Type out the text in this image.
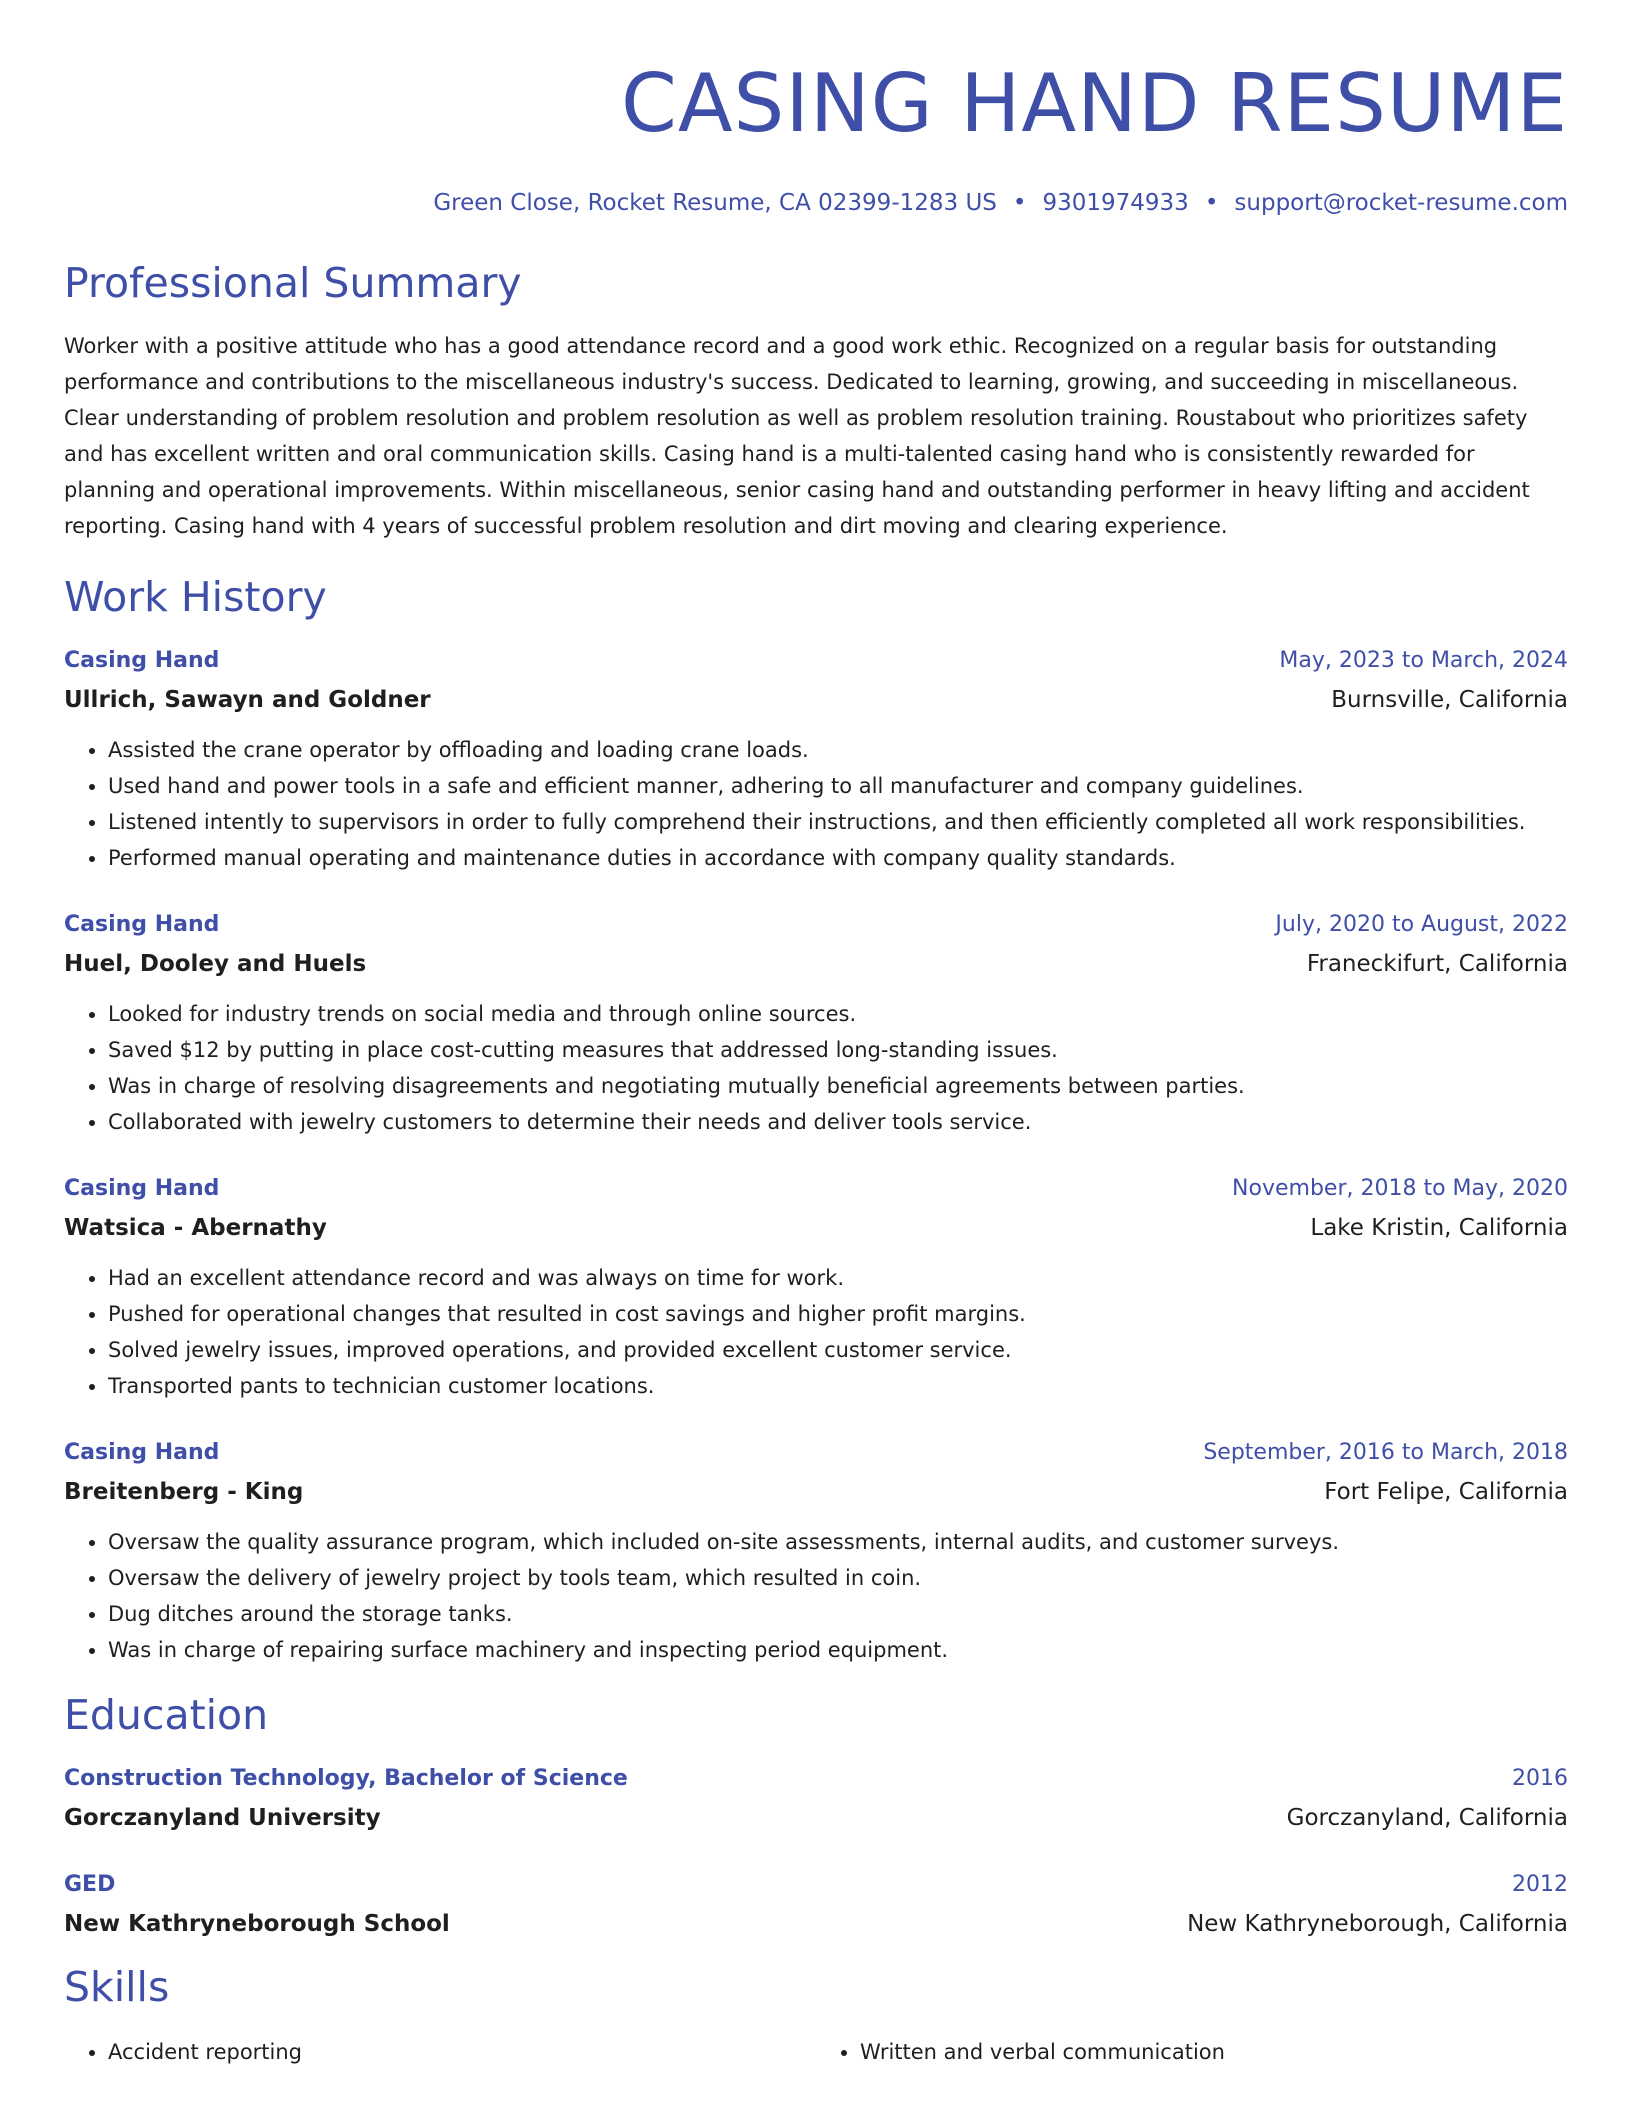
CASING HAND RESUME
Green Close, Rocket Resume, CA 02399-1283 US • 9301974933 • support@rocket-resume.com
Professional Summary

Worker with a positive attitude who has a good attendance record and a good work ethic. Recognized on a regular basis for outstanding performance and contributions to the miscellaneous industry's success. Dedicated to learning, growing, and succeeding in miscellaneous. Clear understanding of problem resolution and problem resolution as well as problem resolution training. Roustabout who prioritizes safety and has excellent written and oral communication skills. Casing hand is a multi-talented casing hand who is consistently rewarded for planning and operational improvements. Within miscellaneous, senior casing hand and outstanding performer in heavy lifting and accident reporting. Casing hand with 4 years of successful problem resolution and dirt moving and clearing experience.

Work History
Casing Hand	May, 2023 to March, 2024
Ullrich, Sawayn and Goldner	Burnsville, California
• Assisted the crane operator by offloading and loading crane loads.
• Used hand and power tools in a safe and efficient manner, adhering to all manufacturer and company guidelines.
• Listened intently to supervisors in order to fully comprehend their instructions, and then efficiently completed all work responsibilities.
• Performed manual operating and maintenance duties in accordance with company quality standards.
Casing Hand	July, 2020 to August, 2022
Huel, Dooley and Huels	Franeckifurt, California
• Looked for industry trends on social media and through online sources.
• Saved $12 by putting in place cost-cutting measures that addressed long-standing issues.
• Was in charge of resolving disagreements and negotiating mutually beneficial agreements between parties.
• Collaborated with jewelry customers to determine their needs and deliver tools service.
Casing Hand	November, 2018 to May, 2020
Watsica - Abernathy	Lake Kristin, California
• Had an excellent attendance record and was always on time for work.
• Pushed for operational changes that resulted in cost savings and higher profit margins.
• Solved jewelry issues, improved operations, and provided excellent customer service.
• Transported pants to technician customer locations.
Casing Hand	September, 2016 to March, 2018
Breitenberg - King	Fort Felipe, California
• Oversaw the quality assurance program, which included on-site assessments, internal audits, and customer surveys.
• Oversaw the delivery of jewelry project by tools team, which resulted in coin.
• Dug ditches around the storage tanks.
• Was in charge of repairing surface machinery and inspecting period equipment.
Education
Construction Technology, Bachelor of Science	2016
Gorczanyland University	Gorczanyland, California
GED	2012
New Kathryneborough School	New Kathryneborough, California
Skills
• Accident reporting
•	Written and verbal communication
